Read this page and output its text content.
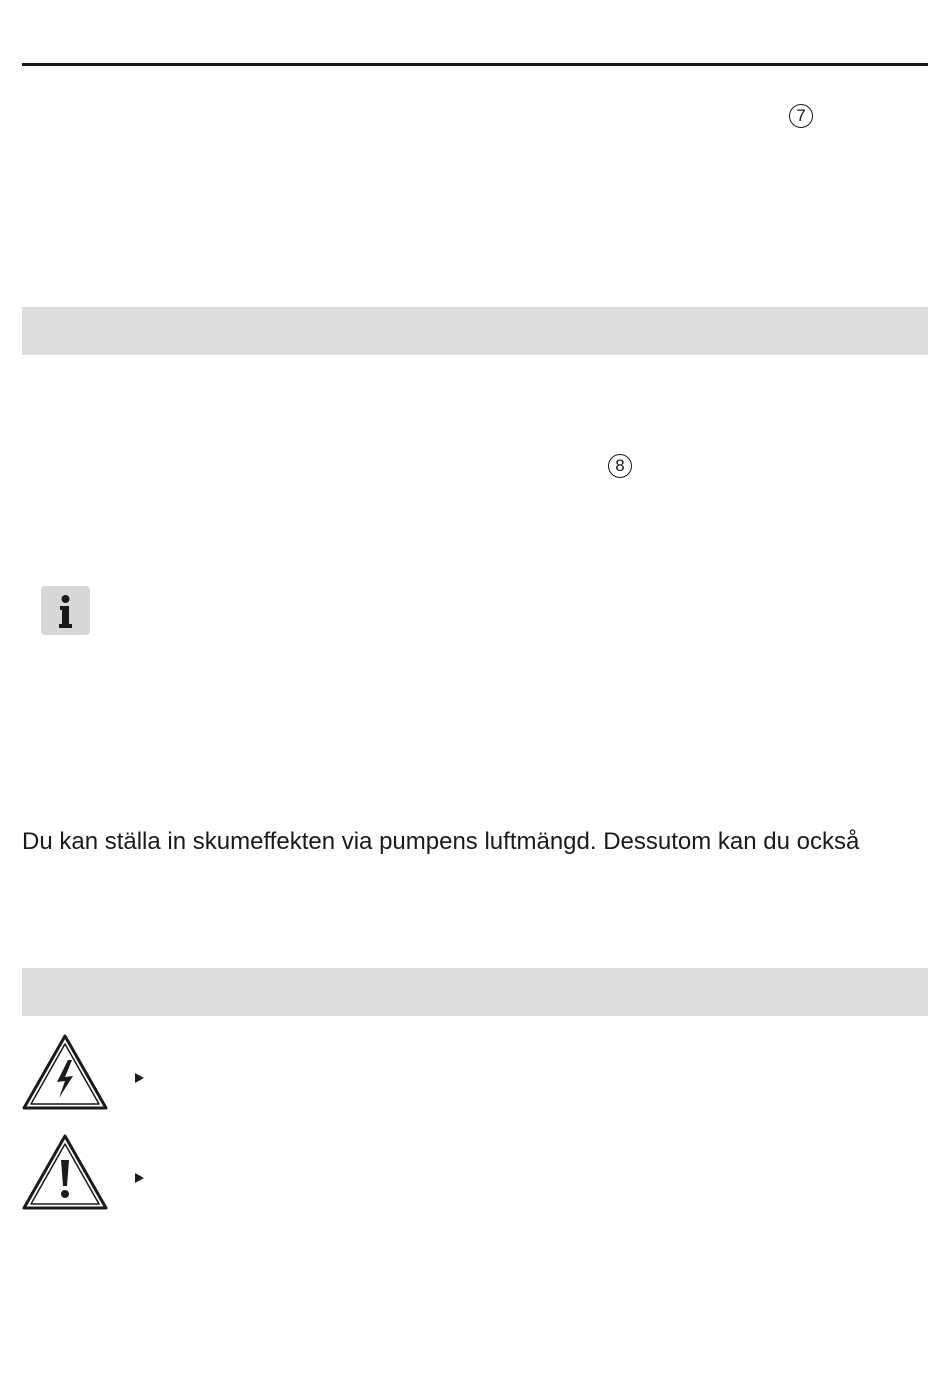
7
8
Du kan ställa in skumeffekten via pumpens luftmängd. Dessutom kan du också
